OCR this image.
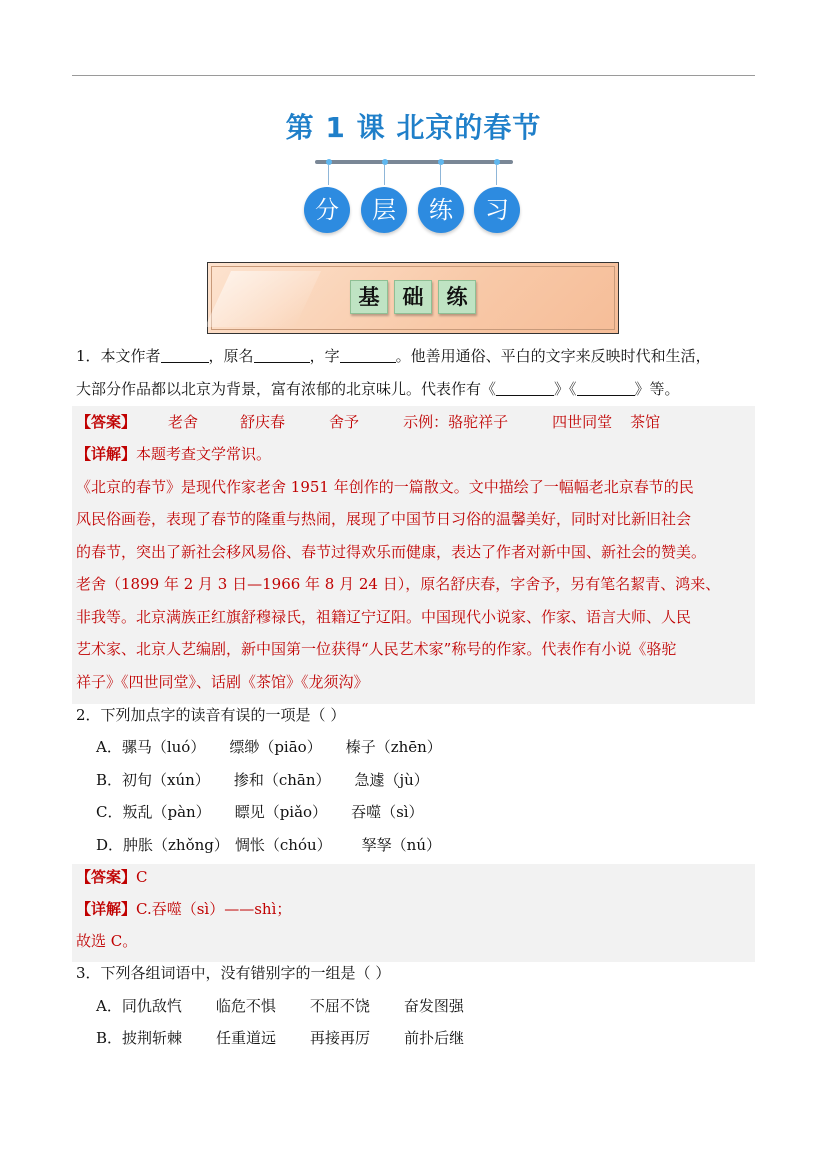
第 1 课 北京的春节
分	层	练	习
基 础 练
1．本文作者	，原名	，字	。他善用通俗、平白的文字来反映时代和生活，
大部分作品都以北京为背景，富有浓郁的北京味儿。代表作有《	》《	》等。
【答案】 老舍	舒庆春	舍予	示例：骆驼祥子	四世同堂 茶馆
【详解】本题考查文学常识。
《北京的春节》是现代作家老舍 1951 年创作的一篇散文。文中描绘了一幅幅老北京春节的民
风民俗画卷，表现了春节的隆重与热闹，展现了中国节日习俗的温馨美好，同时对比新旧社会
的春节，突出了新社会移风易俗、春节过得欢乐而健康，表达了作者对新中国、新社会的赞美。
老舍（1899 年 2 月 3 日—1966 年 8 月 24 日），原名舒庆春，字舍予，另有笔名絜青、鸿来、
非我等。北京满族正红旗舒穆禄氏，祖籍辽宁辽阳。中国现代小说家、作家、语言大师、人民
艺术家、北京人艺编剧，新中国第一位获得“人民艺术家”称号的作家。代表作有小说《骆驼
祥子》《四世同堂》、话剧《茶馆》《龙须沟》
2．下列加点字的读音有误的一项是（ ）
A．骡马（luó） 缥缈（piāo） 榛子（zhēn）
B．初旬（xún） 掺和（chān） 急遽（jù）
C．叛乱（pàn） 瞟见（piǎo） 吞噬（sì）
D．肿胀（zhǒng） 惆怅（chóu） 孥孥（nú）
【答案】C
【详解】C.吞噬（sì）——shì；
故选 C。
3．下列各组词语中，没有错别字的一组是（ ）
A．同仇敌忾 临危不惧 不屈不饶 奋发图强
B．披荆斩棘 任重道远 再接再厉 前扑后继
